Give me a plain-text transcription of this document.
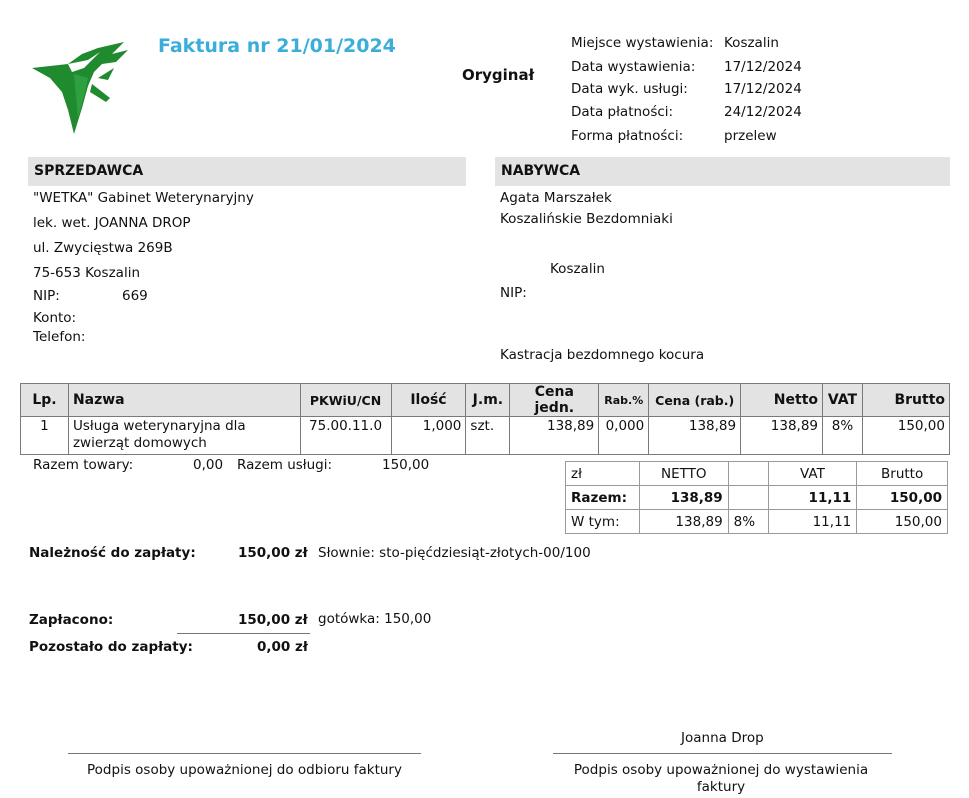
Faktura nr 21/01/2024
Oryginał
Miejsce wystawienia: Koszalin
Data wystawienia: 17/12/2024
Data wyk. usługi:	17/12/2024
Data płatności:	24/12/2024
Forma płatności:	przelew
SPRZEDAWCA
"WETKA" Gabinet Weterynaryjny
lek. wet. JOANNA DROP
ul. Zwycięstwa 269B
75-653 Koszalin
NIP:	669
Konto:
Telefon:
NABYWCA
Agata Marszałek
Koszalińskie Bezdomniaki
Koszalin
NIP:
Kastracja bezdomnego kocura
Lp.	Nazwa	PKWiU/CN	Ilość	J.m.	Cena jedn.	Rab.%	Cena (rab.)	Netto	VAT	Brutto
1	Usługa weterynaryjna dla zwierząt domowych	75.00.11.0	1,000	szt.	138,89	0,000	138,89	138,89	8%	150,00
Razem towary:	0,00 Razem usługi:	150,00
zł	NETTO		VAT	Brutto
Razem:	138,89		11,11	150,00
W tym:	138,89	8%	11,11	150,00
Należność do zapłaty:	150,00 zł Słownie: sto-pięćdziesiąt-złotych-00/100
Zapłacono:	150,00 zł gotówka: 150,00
Pozostało do zapłaty:	0,00 zł
Joanna Drop
Podpis osoby upoważnionej do odbioru faktury	Podpis osoby upoważnionej do wystawienia faktury
